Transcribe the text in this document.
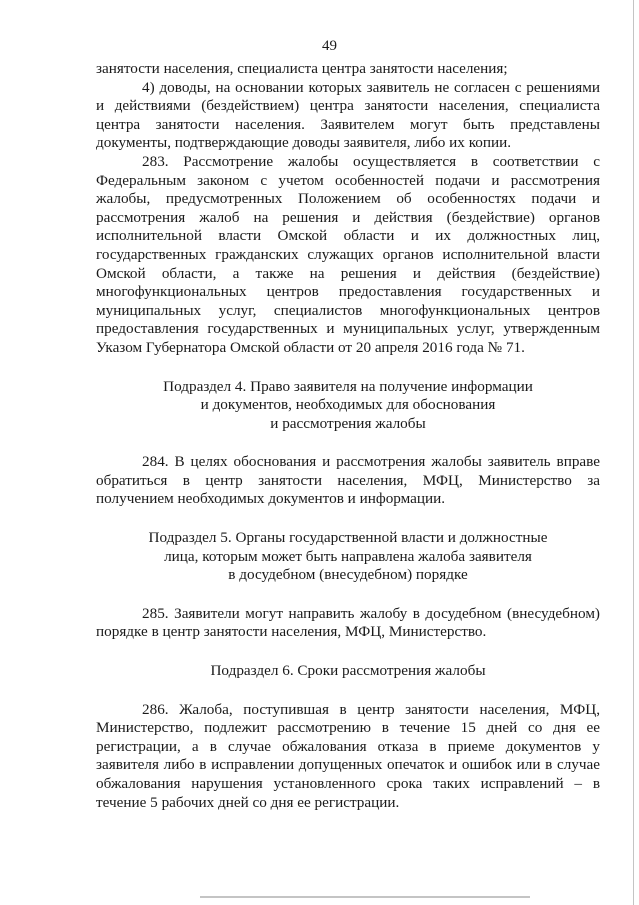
49

занятости населения, специалиста центра занятости населения;

4) доводы, на основании которых заявитель не согласен с решениями и действиями (бездействием) центра занятости населения, специалиста центра занятости населения. Заявителем могут быть представлены документы, подтверждающие доводы заявителя, либо их копии.

283. Рассмотрение жалобы осуществляется в соответствии с Федеральным законом с учетом особенностей подачи и рассмотрения жалобы, предусмотренных Положением об особенностях подачи и рассмотрения жалоб на решения и действия (бездействие) органов исполнительной власти Омской области и их должностных лиц, государственных гражданских служащих органов исполнительной власти Омской области, а также на решения и действия (бездействие) многофункциональных центров предоставления государственных и муниципальных услуг, специалистов многофункциональных центров предоставления государственных и муниципальных услуг, утвержденным Указом Губернатора Омской области от 20 апреля 2016 года № 71.

Подраздел 4. Право заявителя на получение информации

и документов, необходимых для обоснования

и рассмотрения жалобы

284. В целях обоснования и рассмотрения жалобы заявитель вправе обратиться в центр занятости населения, МФЦ, Министерство за получением необходимых документов и информации.

Подраздел 5. Органы государственной власти и должностные

лица, которым может быть направлена жалоба заявителя

в досудебном (внесудебном) порядке

285. Заявители могут направить жалобу в досудебном (внесудебном) порядке в центр занятости населения, МФЦ, Министерство.

Подраздел 6. Сроки рассмотрения жалобы

286. Жалоба, поступившая в центр занятости населения, МФЦ, Министерство, подлежит рассмотрению в течение 15 дней со дня ее регистрации, а в случае обжалования отказа в приеме документов у заявителя либо в исправлении допущенных опечаток и ошибок или в случае обжалования нарушения установленного срока таких исправлений – в течение 5 рабочих дней со дня ее регистрации.
